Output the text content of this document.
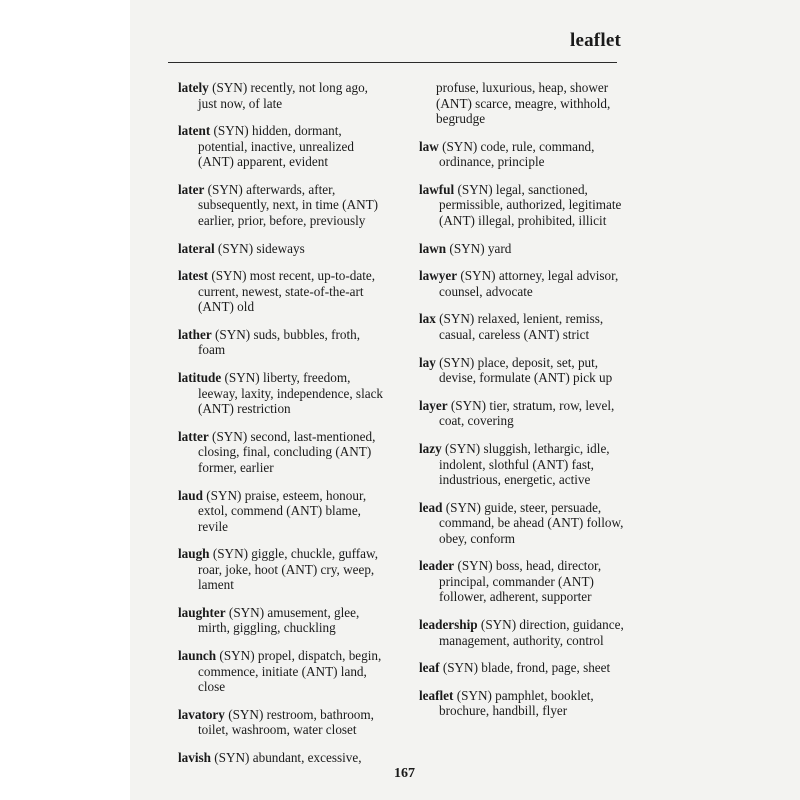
leaflet
lately (SYN) recently, not long ago, just now, of late
latent (SYN) hidden, dormant, potential, inactive, unrealized (ANT) apparent, evident
later (SYN) afterwards, after, subsequently, next, in time (ANT) earlier, prior, before, previously
lateral (SYN) sideways
latest (SYN) most recent, up-to-date, current, newest, state-of-the-art (ANT) old
lather (SYN) suds, bubbles, froth, foam
latitude (SYN) liberty, freedom, leeway, laxity, independence, slack (ANT) restriction
latter (SYN) second, last-mentioned, closing, final, concluding (ANT) former, earlier
laud (SYN) praise, esteem, honour, extol, commend (ANT) blame, revile
laugh (SYN) giggle, chuckle, guffaw, roar, joke, hoot (ANT) cry, weep, lament
laughter (SYN) amusement, glee, mirth, giggling, chuckling
launch (SYN) propel, dispatch, begin, commence, initiate (ANT) land, close
lavatory (SYN) restroom, bathroom, toilet, washroom, water closet
lavish (SYN) abundant, excessive,
profuse, luxurious, heap, shower (ANT) scarce, meagre, withhold, begrudge
law (SYN) code, rule, command, ordinance, principle
lawful (SYN) legal, sanctioned, permissible, authorized, legitimate (ANT) illegal, prohibited, illicit
lawn (SYN) yard
lawyer (SYN) attorney, legal advisor, counsel, advocate
lax (SYN) relaxed, lenient, remiss, casual, careless (ANT) strict
lay (SYN) place, deposit, set, put, devise, formulate (ANT) pick up
layer (SYN) tier, stratum, row, level, coat, covering
lazy (SYN) sluggish, lethargic, idle, indolent, slothful (ANT) fast, industrious, energetic, active
lead (SYN) guide, steer, persuade, command, be ahead (ANT) follow, obey, conform
leader (SYN) boss, head, director, principal, commander (ANT) follower, adherent, supporter
leadership (SYN) direction, guidance, management, authority, control
leaf (SYN) blade, frond, page, sheet
leaflet (SYN) pamphlet, booklet, brochure, handbill, flyer
167
